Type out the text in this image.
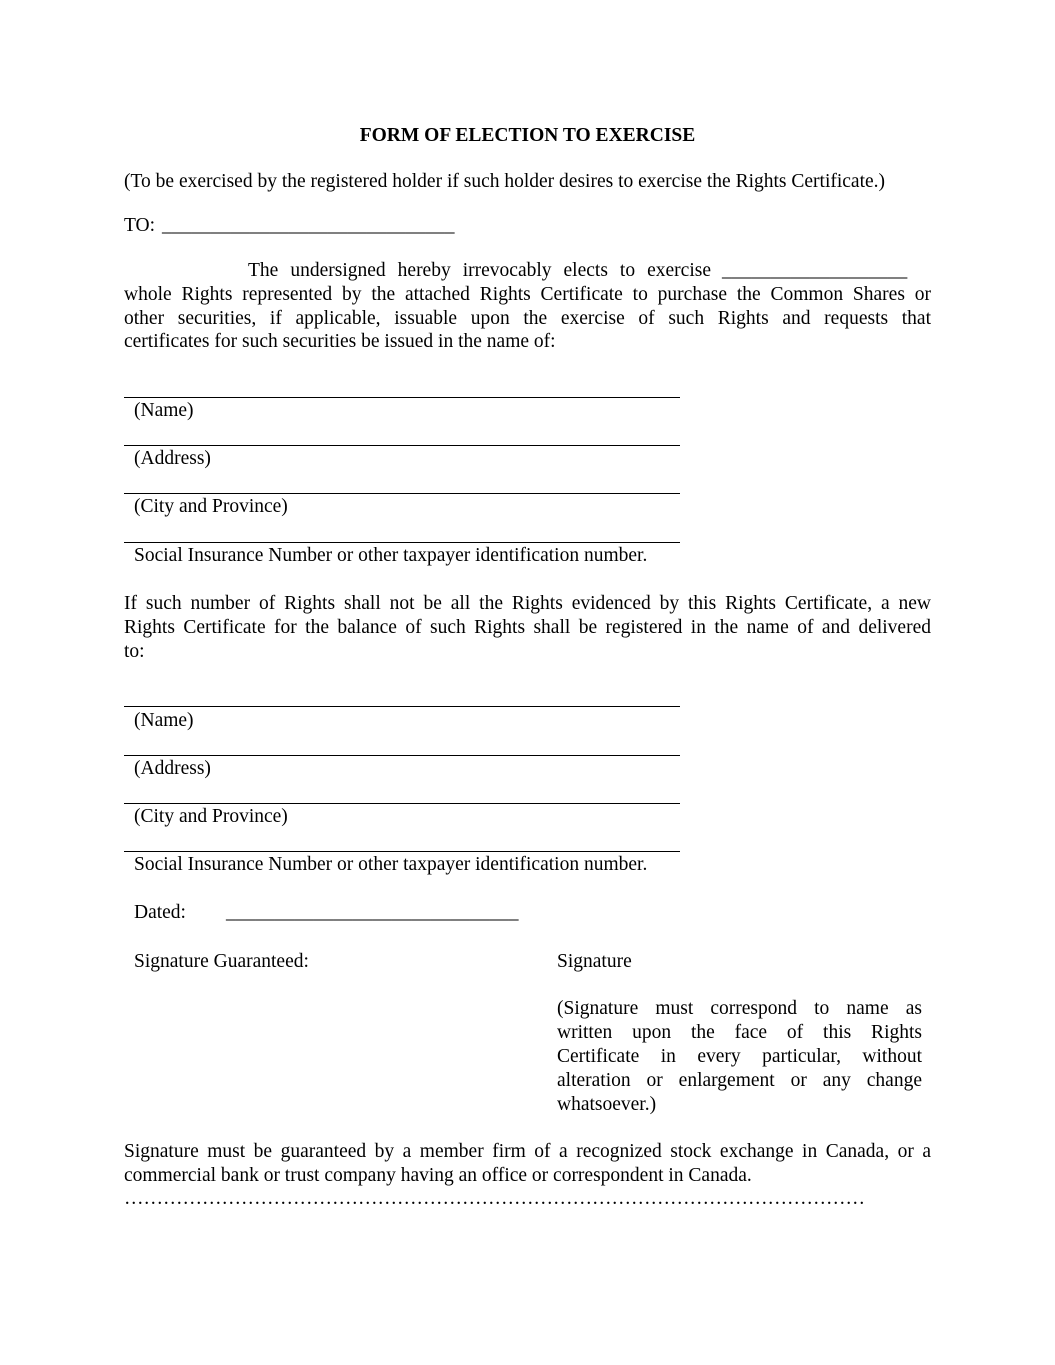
FORM OF ELECTION TO EXERCISE
(To be exercised by the registered holder if such holder desires to exercise the Rights Certificate.)
TO: ______________________________
The undersigned hereby irrevocably elects to exercise ___________________
whole Rights represented by the attached Rights Certificate to purchase the Common Shares or
other securities, if applicable, issuable upon the exercise of such Rights and requests that
certificates for such securities be issued in the name of:
(Name)
(Address)
(City and Province)
Social Insurance Number or other taxpayer identification number.
If such number of Rights shall not be all the Rights evidenced by this Rights Certificate, a new
Rights Certificate for the balance of such Rights shall be registered in the name of and delivered
to:
(Name)
(Address)
(City and Province)
Social Insurance Number or other taxpayer identification number.
Dated: ______________________________
Signature Guaranteed:	Signature
(Signature must correspond to name as
written upon the face of this Rights
Certificate in every particular, without
alteration or enlargement or any change
whatsoever.)
Signature must be guaranteed by a member firm of a recognized stock exchange in Canada, or a
commercial bank or trust company having an office or correspondent in Canada.
……………………………………………………………………………………………………
